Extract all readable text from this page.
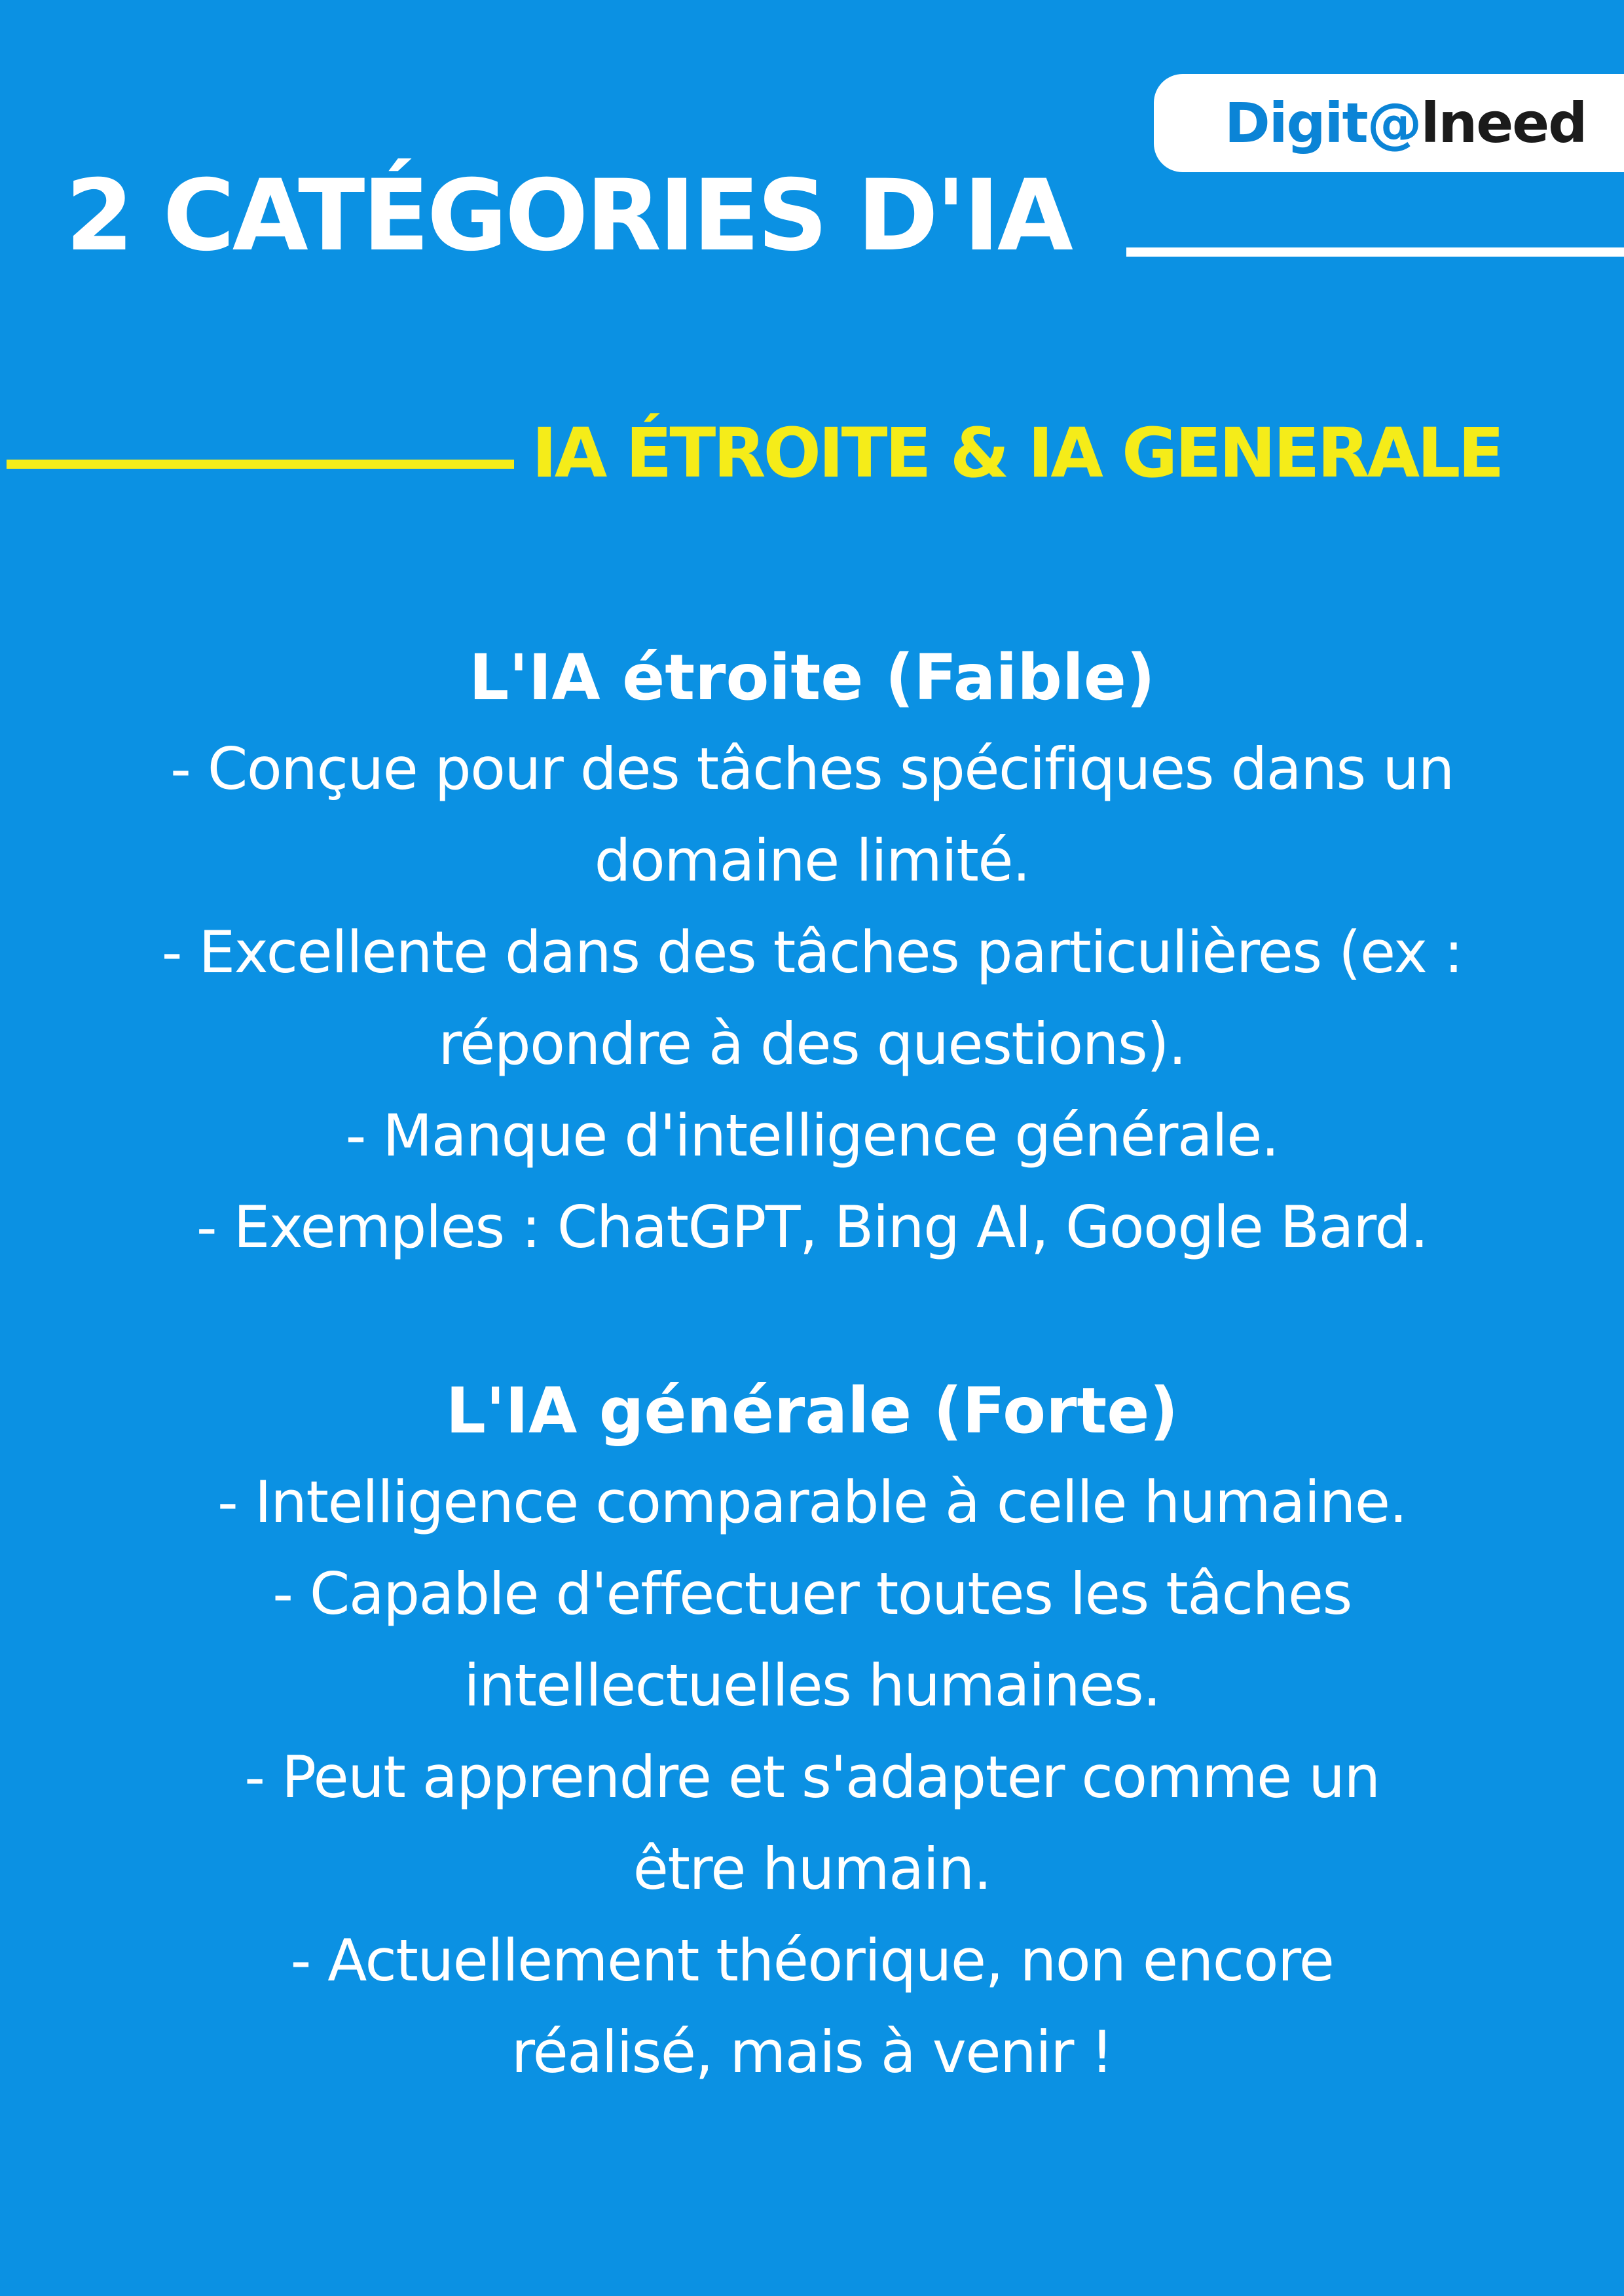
Digit@lneed
2 CATÉGORIES D'IA
IA ÉTROITE & IA GENERALE
L'IA étroite (Faible)
- Conçue pour des tâches spécifiques dans un
domaine limité.
- Excellente dans des tâches particulières (ex :
répondre à des questions).
- Manque d'intelligence générale.
- Exemples : ChatGPT, Bing AI, Google Bard.
L'IA générale (Forte)
- Intelligence comparable à celle humaine.
- Capable d'effectuer toutes les tâches
intellectuelles humaines.
- Peut apprendre et s'adapter comme un
être humain.
- Actuellement théorique, non encore
réalisé, mais à venir !
